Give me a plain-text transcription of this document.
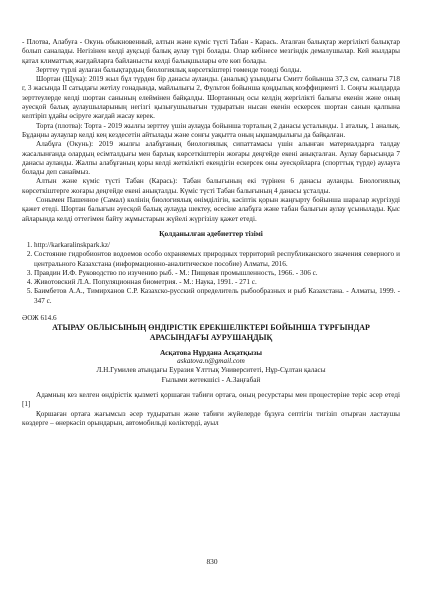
- Плотва, Алабуға - Окунь обыкновенный, алтын және күміс түсті Табан - Карась. Аталған балықтар жергілікті балықтар болып саналады. Негізінен келді ауқсыді балық аулау түрі болады. Олар кебінесе мезгіндік демалушылар. Кей жылдары қатал климаттық жағдайларға байланысты келді балықшылары өте көп болады.

Зерттеу түрлі аулаған балықтардың биологиялық көрсеткіштері төменде төзеді болды.

Шортан (Щука): 2019 жыл бұл түрден бір данасы ауланды. (аналық) ұзындығы Смитт бойынша 37,3 см, салмағы 718 г, 3 жасында II сатыдағы жетілу гонадында, майлылығы 2, Фультон бойынша қоңдылық коэффициенті 1. Соңғы жылдарда зерттеулерде келді шортан санының елеймінен байқалды. Шортанның осы келдің жергілікті балығы екенін және оның әуесқой балық аулаушыларының негізгі қызығушылығын тудыратын нысан екенін ескерсек шортан санын қалпына келтіріп ұдайы өсіруге жағдай жасау керек.

Торта (плотва): Торта - 2019 жылғы зерттеу үшін аулауда бойынша торталың 2 данасы ұсталынды. 1 аталық, 1 аналық. Бұдаңны аулаулар келді кең кездесетін айтылады және сонғы уақытта оның ықшамдылығы да байқалған.

Алабұға (Окунь): 2019 жылғы алабұғаның биологиялық сипаттамасы үшін алынған материалдарға талдау жасалынғанда олардың есімталдығы мен барлық көрсеткіштерін жоғары деңгейде екені анықталған. Аулау барысында 7 данасы ауланды. Жалпы алабұғаның қоры келді жеткілікті екендігін ескерсек оны әуесқойларға (спорттық түрде) аулауға болады деп санаймыз.

Алтын және күміс түсті Табан (Карась): Табан балығының екі түрінен 6 данасы ауланды. Биологиялық көрсеткіштерге жоғары деңгейде екені анықталды. Күміс түсті Табан балығының 4 данасы ұсталды.

Сонымен Пашенное (Самал) көлінің биологиялық өнімділігін, кәсіптік қорын жаңғырту бойынша шаралар жүргізуді қажет етеді. Шортан балығын әуесқой балық аулауда шектеу, өсесіне алабұға және табан балығын аулау ұсынылады. Қыс айларында келді оттегімен байту жұмыстарын жүйелі жүргізілу қажет етеді.

Қолданылған әдебиеттер тізімі
1. http://karkaralinskpark.kz/
2. Состояние гидробионтов водоемов особо охраняемых природных территорий республиканского значения северного и центрального Казахстана (информационно-аналитическое пособие) Алматы, 2016.
3. Правдин И.Ф. Руководство по изучению рыб. - М.: Пищевая промышленность, 1966. - 306 с.
4. Животовский Л.А. Популяционная биометрия. - М.: Наука, 1991. - 271 с.
5. Баимбетов А.А., Тимирханов С.Р. Казахско-русский определитель рыбообразных и рыб Казахстана. - Алматы, 1999. - 347 с.
ӘОЖ 614.6
АТЫРАУ ОБЛЫСЫНЫҢ ӨНДІРІСТІК ЕРЕКШЕЛІКТЕРІ БОЙЫНША ТҰРҒЫНДАР АРАСЫНДАҒЫ АУРУШАҢДЫҚ
Асқатова Нұрдана Асқатқызы
askatova.n@gmail.com
Л.Н.Гумилев атындағы Еуразия Ұлттық Университеті, Нұр-Сұлтан қаласы
Ғылыми жетекшісі - А.Заңғабай

Адамның кез келген өндірістік қызметі қоршаған табиғи ортаға, оның ресурстары мен процестеріне теріс әсер етеді [1]

Қоршаған ортаға жағымсыз әсер тудыратын және табиғи жүйелерде бұзуға септігін тигізіп отырған ластаушы көздерге – өнеркәсіп орындарын, автомобильді көліктерді, ауыл

830
